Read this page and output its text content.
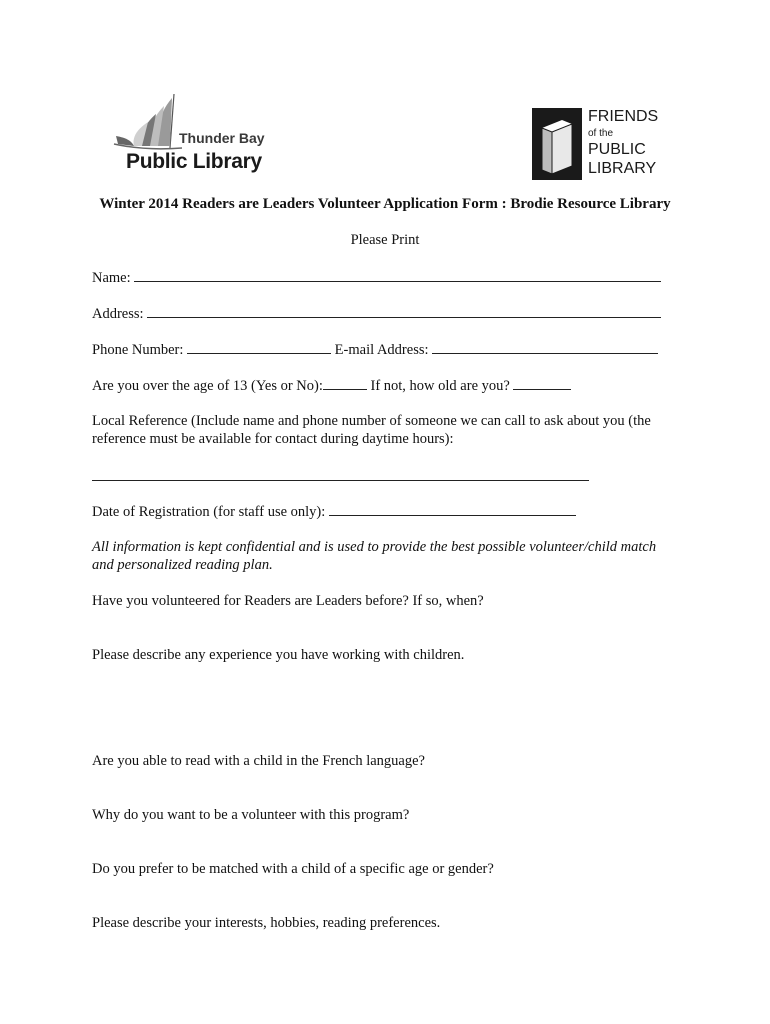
Thunder Bay
Public Library
FRIENDS
of the
PUBLIC
LIBRARY
Winter 2014 Readers are Leaders Volunteer Application Form : Brodie Resource Library
Please Print
Name:
Address:
Phone Number:	E-mail Address:
Are you over the age of 13 (Yes or No):	If not, how old are you?
Local Reference (Include name and phone number of someone we can call to ask about you (the
reference must be available for contact during daytime hours):
Date of Registration (for staff use only):
All information is kept confidential and is used to provide the best possible volunteer/child match
and personalized reading plan.
Have you volunteered for Readers are Leaders before? If so, when?
Please describe any experience you have working with children.
Are you able to read with a child in the French language?
Why do you want to be a volunteer with this program?
Do you prefer to be matched with a child of a specific age or gender?
Please describe your interests, hobbies, reading preferences.
